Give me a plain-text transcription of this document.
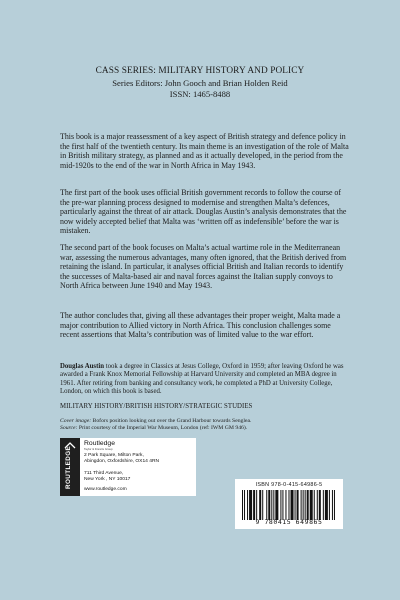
CASS SERIES: MILITARY HISTORY AND POLICY
Series Editors: John Gooch and Brian Holden Reid
ISSN: 1465-8488

This book is a major reassessment of a key aspect of British strategy and defence policy in the first half of the twentieth century. Its main theme is an investigation of the role of Malta in British military strategy, as planned and as it actually developed, in the period from the mid-1920s to the end of the war in North Africa in May 1943.

The first part of the book uses official British government records to follow the course of the pre-war planning process designed to modernise and strengthen Malta’s defences, particularly against the threat of air attack. Douglas Austin’s analysis demonstrates that the now widely accepted belief that Malta was ‘written off as indefensible’ before the war is mistaken.

The second part of the book focuses on Malta’s actual wartime role in the Mediterranean war, assessing the numerous advantages, many often ignored, that the British derived from retaining the island. In particular, it analyses official British and Italian records to identify the successes of Malta-based air and naval forces against the Italian supply convoys to North Africa between June 1940 and May 1943.

The author concludes that, giving all these advantages their proper weight, Malta made a major contribution to Allied victory in North Africa. This conclusion challenges some recent assertions that Malta’s contribution was of limited value to the war effort.

Douglas Austin took a degree in Classics at Jesus College, Oxford in 1959; after leaving Oxford he was awarded a Frank Knox Memorial Fellowship at Harvard University and completed an MBA degree in 1961. After retiring from banking and consultancy work, he completed a PhD at University College, London, on which this book is based.

MILITARY HISTORY/BRITISH HISTORY/STRATEGIC STUDIES
Cover image: Bofors position looking out over the Grand Harbour towards Senglea.
Source: Print courtesy of the Imperial War Museum, London (ref: IWM GM 946).
ROUTLEDGE
Routledge
Taylor & Francis Group
2 Park Square, Milton Park,
Abingdon, Oxfordshire, OX14 4RN

711 Third Avenue,
New York , NY 10017
www.routledge.com
ISBN 978-0-415-64986-5
9 780415 649865
